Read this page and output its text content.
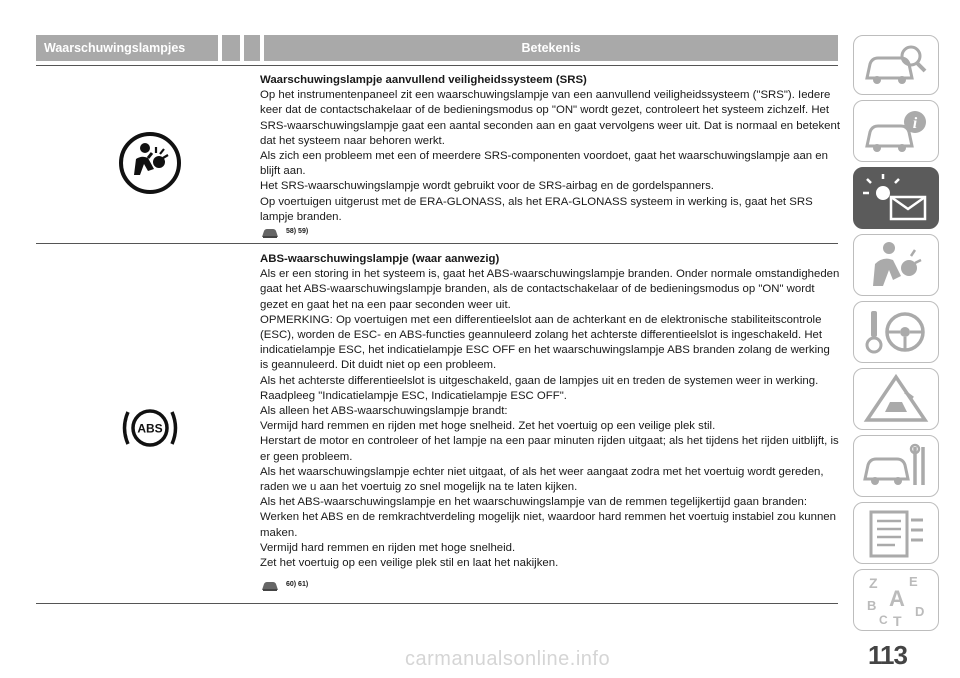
Waarschuwingslampjes	Betekenis

Waarschuwingslampje aanvullend veiligheidssysteem (SRS)

Op het instrumentenpaneel zit een waarschuwingslampje van een aanvullend veiligheidssysteem ("SRS"). Iedere keer dat de contactschakelaar of de bedieningsmodus op "ON" wordt gezet, controleert het systeem zichzelf. Het SRS-waarschuwingslampje gaat een aantal seconden aan en gaat vervolgens weer uit. Dat is normaal en betekent dat het systeem naar behoren werkt.

Als zich een probleem met een of meerdere SRS-componenten voordoet, gaat het waarschuwingslampje aan en blijft aan.

Het SRS-waarschuwingslampje wordt gebruikt voor de SRS-airbag en de gordelspanners.

Op voertuigen uitgerust met de ERA-GLONASS, als het ERA-GLONASS systeem in werking is, gaat het SRS lampje branden.

58) 59)
ABS

ABS-waarschuwingslampje (waar aanwezig)

Als er een storing in het systeem is, gaat het ABS-waarschuwingslampje branden. Onder normale omstandigheden gaat het ABS-waarschuwingslampje branden, als de contactschakelaar of de bedieningsmodus op "ON" wordt gezet en gaat het na een paar seconden weer uit.

OPMERKING: Op voertuigen met een differentieelslot aan de achterkant en de elektronische stabiliteitscontrole (ESC), worden de ESC- en ABS-functies geannuleerd zolang het achterste differentieelslot is ingeschakeld. Het indicatielampje ESC, het indicatielampje ESC OFF en het waarschuwingslampje ABS branden zolang de werking is geannuleerd. Dit duidt niet op een probleem.

Als het achterste differentieelslot is uitgeschakeld, gaan de lampjes uit en treden de systemen weer in werking. Raadpleeg "Indicatielampje ESC, Indicatielampje ESC OFF".

Als alleen het ABS-waarschuwingslampje brandt:

Vermijd hard remmen en rijden met hoge snelheid. Zet het voertuig op een veilige plek stil.

Herstart de motor en controleer of het lampje na een paar minuten rijden uitgaat; als het tijdens het rijden uitblijft, is er geen probleem.

Als het waarschuwingslampje echter niet uitgaat, of als het weer aangaat zodra met het voertuig wordt gereden, raden we u aan het voertuig zo snel mogelijk na te laten kijken.

Als het ABS-waarschuwingslampje en het waarschuwingslampje van de remmen tegelijkertijd gaan branden:

Werken het ABS en de remkrachtverdeling mogelijk niet, waardoor hard remmen het voertuig instabiel zou kunnen maken.

Vermijd hard remmen en rijden met hoge snelheid.

Zet het voertuig op een veilige plek stil en laat het nakijken.

60) 61)
i
Z E
B A
C T
D
113
carmanualsonline.info
